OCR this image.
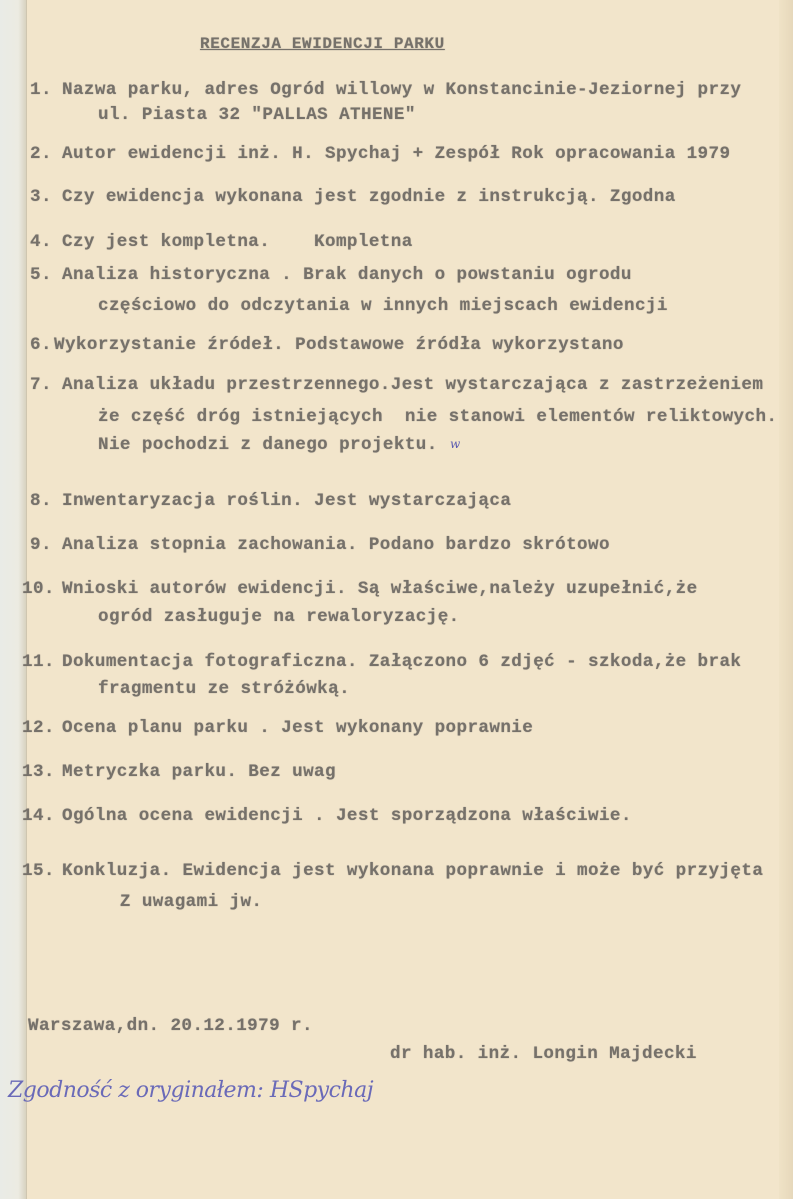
RECENZJA EWIDENCJI PARKU
1. Nazwa parku, adres Ogród willowy w Konstancinie-Jeziornej przy
ul. Piasta 32 "PALLAS ATHENE"
2. Autor ewidencji inż. H. Spychaj + Zespół Rok opracowania 1979
3. Czy ewidencja wykonana jest zgodnie z instrukcją. Zgodna
4. Czy jest kompletna.    Kompletna
5. Analiza historyczna . Brak danych o powstaniu ogrodu
częściowo do odczytania w innych miejscach ewidencji
6. Wykorzystanie źródeł. Podstawowe źródła wykorzystano
7. Analiza układu przestrzennego.Jest wystarczająca z zastrzeżeniem
że część dróg istniejących  nie stanowi elementów reliktowych.
Nie pochodzi z danego projektu.
8. Inwentaryzacja roślin. Jest wystarczająca
9. Analiza stopnia zachowania. Podano bardzo skrótowo
10. Wnioski autorów ewidencji. Są właściwe,należy uzupełnić,że
ogród zasługuje na rewaloryzację.
11. Dokumentacja fotograficzna. Załączono 6 zdjęć - szkoda,że brak
fragmentu ze stróżówką.
12. Ocena planu parku . Jest wykonany poprawnie
13. Metryczka parku. Bez uwag
14. Ogólna ocena ewidencji . Jest sporządzona właściwie.
15. Konkluzja. Ewidencja jest wykonana poprawnie i może być przyjęta
Z uwagami jw.
w
Warszawa,dn. 20.12.1979 r.
dr hab. inż. Longin Majdecki
Zgodność z oryginałem: HSpychaj
